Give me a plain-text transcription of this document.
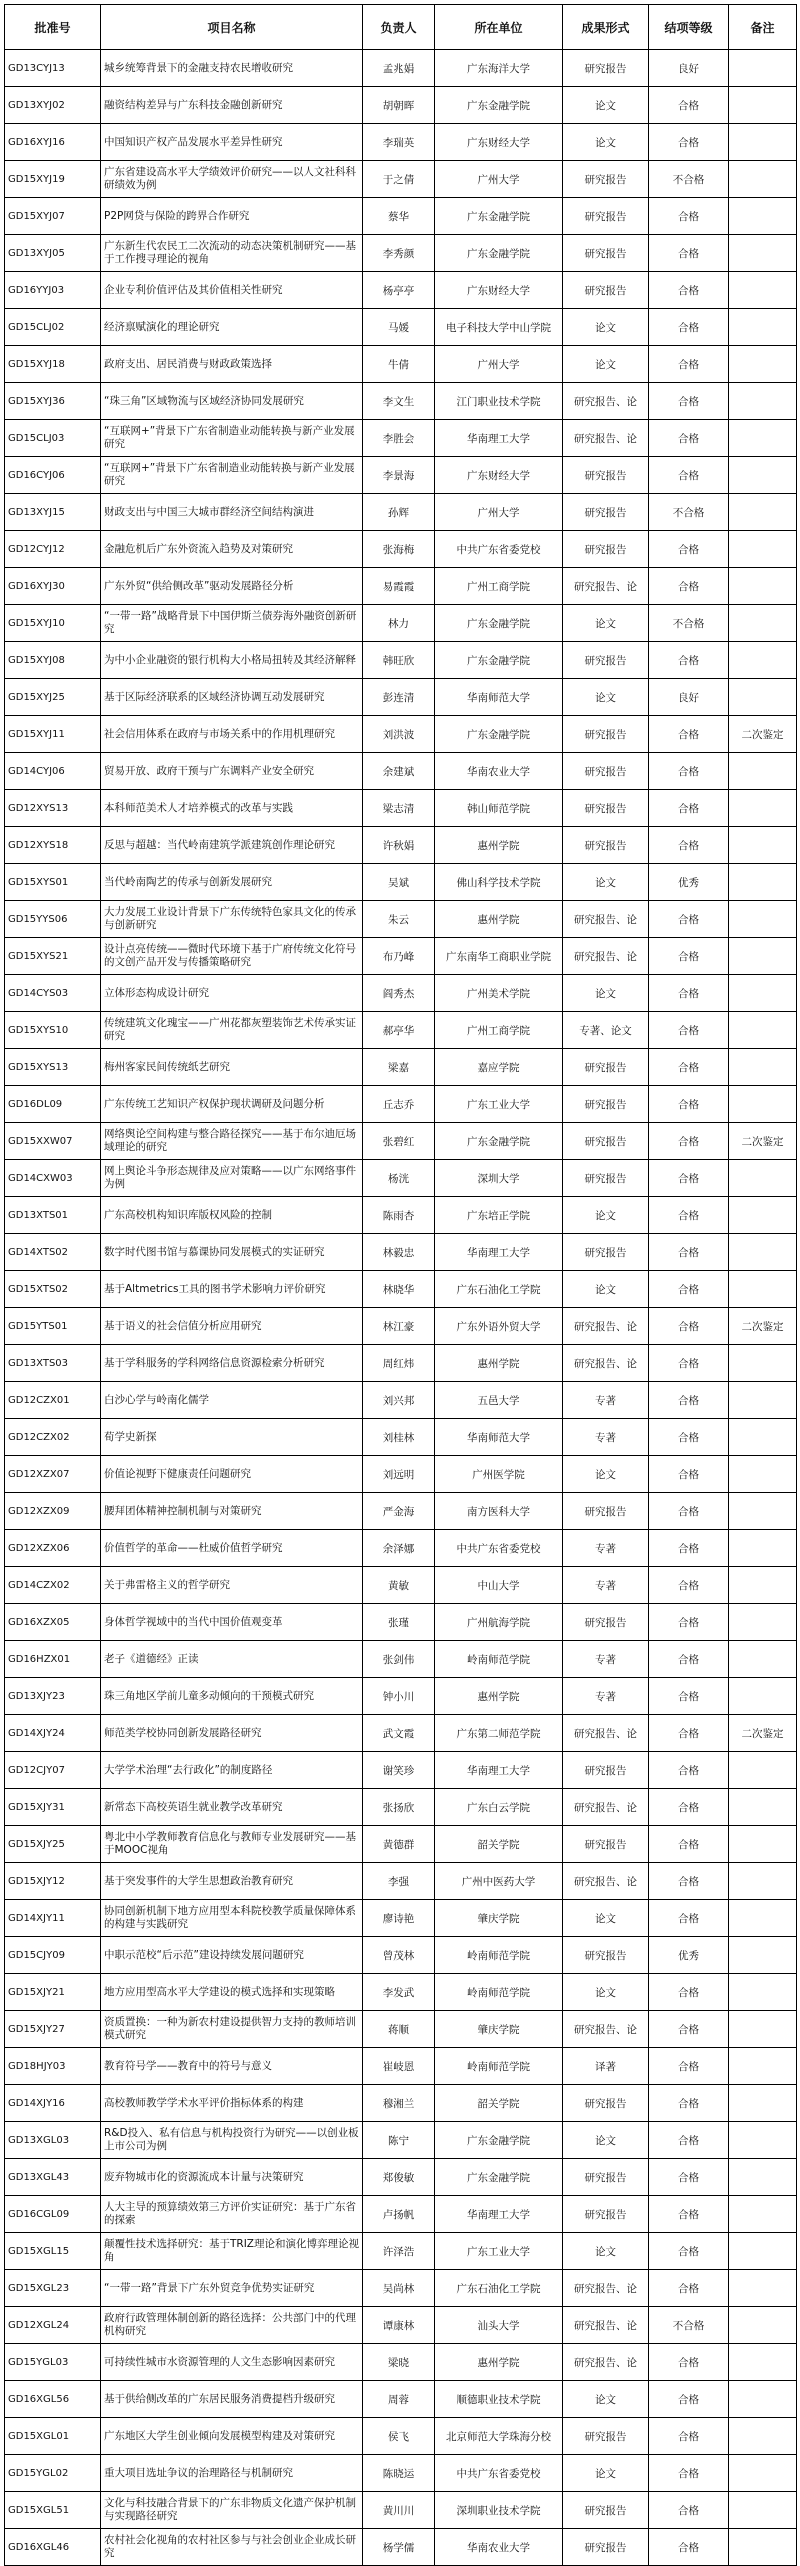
批准号	项目名称	负责人	所在单位	成果形式	结项等级	备注
GD13CYJ13	城乡统筹背景下的金融支持农民增收研究	孟兆娟	广东海洋大学	研究报告	良好	
GD13XYJ02	融资结构差异与广东科技金融创新研究	胡朝晖	广东金融学院	论文	合格	
GD16XYJ16	中国知识产权产品发展水平差异性研究	李瑞英	广东财经大学	论文	合格	
GD15XYJ19	广东省建设高水平大学绩效评价研究——以人文社科科研绩效为例	于之倩	广州大学	研究报告	不合格	
GD15XYJ07	P2P网贷与保险的跨界合作研究	蔡华	广东金融学院	研究报告	合格	
GD13XYJ05	广东新生代农民工二次流动的动态决策机制研究——基于工作搜寻理论的视角	李秀颜	广东金融学院	研究报告	合格	
GD16YYJ03	企业专利价值评估及其价值相关性研究	杨亭亭	广东财经大学	研究报告	合格	
GD15CLJ02	经济禀赋演化的理论研究	马媛	电子科技大学中山学院	论文	合格	
GD15XYJ18	政府支出、居民消费与财政政策选择	牛倩	广州大学	论文	合格	
GD15XYJ36	“珠三角”区域物流与区域经济协同发展研究	李文生	江门职业技术学院	研究报告、论	合格	
GD15CLJ03	“互联网+”背景下广东省制造业动能转换与新产业发展研究	李胜会	华南理工大学	研究报告、论	合格	
GD16CYJ06	“互联网+”背景下广东省制造业动能转换与新产业发展研究	李景海	广东财经大学	研究报告	合格	
GD13XYJ15	财政支出与中国三大城市群经济空间结构演进	孙辉	广州大学	研究报告	不合格	
GD12CYJ12	金融危机后广东外资流入趋势及对策研究	张海梅	中共广东省委党校	研究报告	合格	
GD16XYJ30	广东外贸“供给侧改革”驱动发展路径分析	易霞霞	广州工商学院	研究报告、论	合格	
GD15XYJ10	“一带一路”战略背景下中国伊斯兰债券海外融资创新研究	林力	广东金融学院	论文	不合格	
GD15XYJ08	为中小企业融资的银行机构大小格局扭转及其经济解释	韩旺欣	广东金融学院	研究报告	合格	
GD15XYJ25	基于区际经济联系的区域经济协调互动发展研究	彭连清	华南师范大学	论文	良好	
GD15XYJ11	社会信用体系在政府与市场关系中的作用机理研究	刘洪波	广东金融学院	研究报告	合格	二次鉴定
GD14CYJ06	贸易开放、政府干预与广东调料产业安全研究	余建斌	华南农业大学	研究报告	合格	
GD12XYS13	本科师范美术人才培养模式的改革与实践	梁志清	韩山师范学院	研究报告	合格	
GD12XYS18	反思与超越：当代岭南建筑学派建筑创作理论研究	许秋娟	惠州学院	研究报告	合格	
GD15XYS01	当代岭南陶艺的传承与创新发展研究	吴斌	佛山科学技术学院	论文	优秀	
GD15YYS06	大力发展工业设计背景下广东传统特色家具文化的传承与创新研究	朱云	惠州学院	研究报告、论	合格	
GD15XYS21	设计点亮传统——微时代环境下基于广府传统文化符号的文创产品开发与传播策略研究	布乃峰	广东南华工商职业学院	研究报告、论	合格	
GD14CYS03	立体形态构成设计研究	阎秀杰	广州美术学院	论文	合格	
GD15XYS10	传统建筑文化瑰宝——广州花都灰塑装饰艺术传承实证研究	郝亭华	广州工商学院	专著、论文	合格	
GD15XYS13	梅州客家民间传统纸艺研究	梁嘉	嘉应学院	研究报告	合格	
GD16DL09	广东传统工艺知识产权保护现状调研及问题分析	丘志乔	广东工业大学	研究报告	合格	
GD15XXW07	网络舆论空间构建与整合路径探究——基于布尔迪厄场域理论的研究	张碧红	广东金融学院	研究报告	合格	二次鉴定
GD14CXW03	网上舆论斗争形态规律及应对策略——以广东网络事件为例	杨洸	深圳大学	研究报告	合格	
GD13XTS01	广东高校机构知识库版权风险的控制	陈雨杏	广东培正学院	论文	合格	
GD14XTS02	数字时代图书馆与慕课协同发展模式的实证研究	林毅忠	华南理工大学	研究报告	合格	
GD15XTS02	基于Altmetrics工具的图书学术影响力评价研究	林晓华	广东石油化工学院	论文	合格	
GD15YTS01	基于语义的社会信值分析应用研究	林江豪	广东外语外贸大学	研究报告、论	合格	二次鉴定
GD13XTS03	基于学科服务的学科网络信息资源检索分析研究	周红炜	惠州学院	研究报告、论	合格	
GD12CZX01	白沙心学与岭南化儒学	刘兴邦	五邑大学	专著	合格	
GD12CZX02	荀学史新探	刘桂林	华南师范大学	专著	合格	
GD12XZX07	价值论视野下健康责任问题研究	刘远明	广州医学院	论文	合格	
GD12XZX09	腰拜团体精神控制机制与对策研究	严金海	南方医科大学	研究报告	合格	
GD12XZX06	价值哲学的革命——杜威价值哲学研究	余泽娜	中共广东省委党校	专著	合格	
GD14CZX02	关于弗雷格主义的哲学研究	黄敏	中山大学	专著	合格	
GD16XZX05	身体哲学视域中的当代中国价值观变革	张瑾	广州航海学院	研究报告	合格	
GD16HZX01	老子《道德经》正读	张剑伟	岭南师范学院	专著	合格	
GD13XJY23	珠三角地区学前儿童多动倾向的干预模式研究	钟小川	惠州学院	专著	合格	
GD14XJY24	师范类学校协同创新发展路径研究	武文霞	广东第二师范学院	研究报告、论	合格	二次鉴定
GD12CJY07	大学学术治理“去行政化”的制度路径	谢笑珍	华南理工大学	研究报告	合格	
GD15XJY31	新常态下高校英语生就业教学改革研究	张扬欣	广东白云学院	研究报告、论	合格	
GD15XJY25	粤北中小学教师教育信息化与教师专业发展研究——基于MOOC视角	黄德群	韶关学院	研究报告	合格	
GD15XJY12	基于突发事件的大学生思想政治教育研究	李强	广州中医药大学	研究报告、论	合格	
GD14XJY11	协同创新机制下地方应用型本科院校教学质量保障体系的构建与实践研究	廖诗艳	肇庆学院	论文	合格	
GD15CJY09	中职示范校“后示范”建设持续发展问题研究	曾茂林	岭南师范学院	研究报告	优秀	
GD15XJY21	地方应用型高水平大学建设的模式选择和实现策略	李发武	岭南师范学院	论文	合格	
GD15XJY27	资质置换：一种为新农村建设提供智力支持的教师培训模式研究	蒋顺	肇庆学院	研究报告、论	合格	
GD18HJY03	教育符号学——教育中的符号与意义	崔岐恩	岭南师范学院	译著	合格	
GD14XJY16	高校教师教学学术水平评价指标体系的构建	穆湘兰	韶关学院	研究报告	合格	
GD13XGL03	R&D投入、私有信息与机构投资行为研究——以创业板上市公司为例	陈宁	广东金融学院	论文	合格	
GD13XGL43	废弃物城市化的资源流成本计量与决策研究	郑俊敏	广东金融学院	研究报告	合格	
GD16CGL09	人大主导的预算绩效第三方评价实证研究：基于广东省的探索	卢扬帆	华南理工大学	研究报告	合格	
GD15XGL15	颠覆性技术选择研究：基于TRIZ理论和演化博弈理论视角	许泽浩	广东工业大学	论文	合格	
GD15XGL23	“一带一路”背景下广东外贸竞争优势实证研究	吴尚林	广东石油化工学院	研究报告、论	合格	
GD12XGL24	政府行政管理体制创新的路径选择：公共部门中的代理机构研究	谭康林	汕头大学	研究报告、论	不合格	
GD15YGL03	可持续性城市水资源管理的人文生态影响因素研究	梁晓	惠州学院	研究报告、论	合格	
GD16XGL56	基于供给侧改革的广东居民服务消费提档升级研究	周蓉	顺德职业技术学院	论文	合格	
GD15XGL01	广东地区大学生创业倾向发展模型构建及对策研究	侯飞	北京师范大学珠海分校	研究报告	合格	
GD15YGL02	重大项目选址争议的治理路径与机制研究	陈晓运	中共广东省委党校	论文	合格	
GD15XGL51	文化与科技融合背景下的广东非物质文化遗产保护机制与实现路径研究	黄川川	深圳职业技术学院	研究报告	合格	
GD16XGL46	农村社会化视角的农村社区参与与社会创业企业成长研究	杨学儒	华南农业大学	研究报告	合格	
